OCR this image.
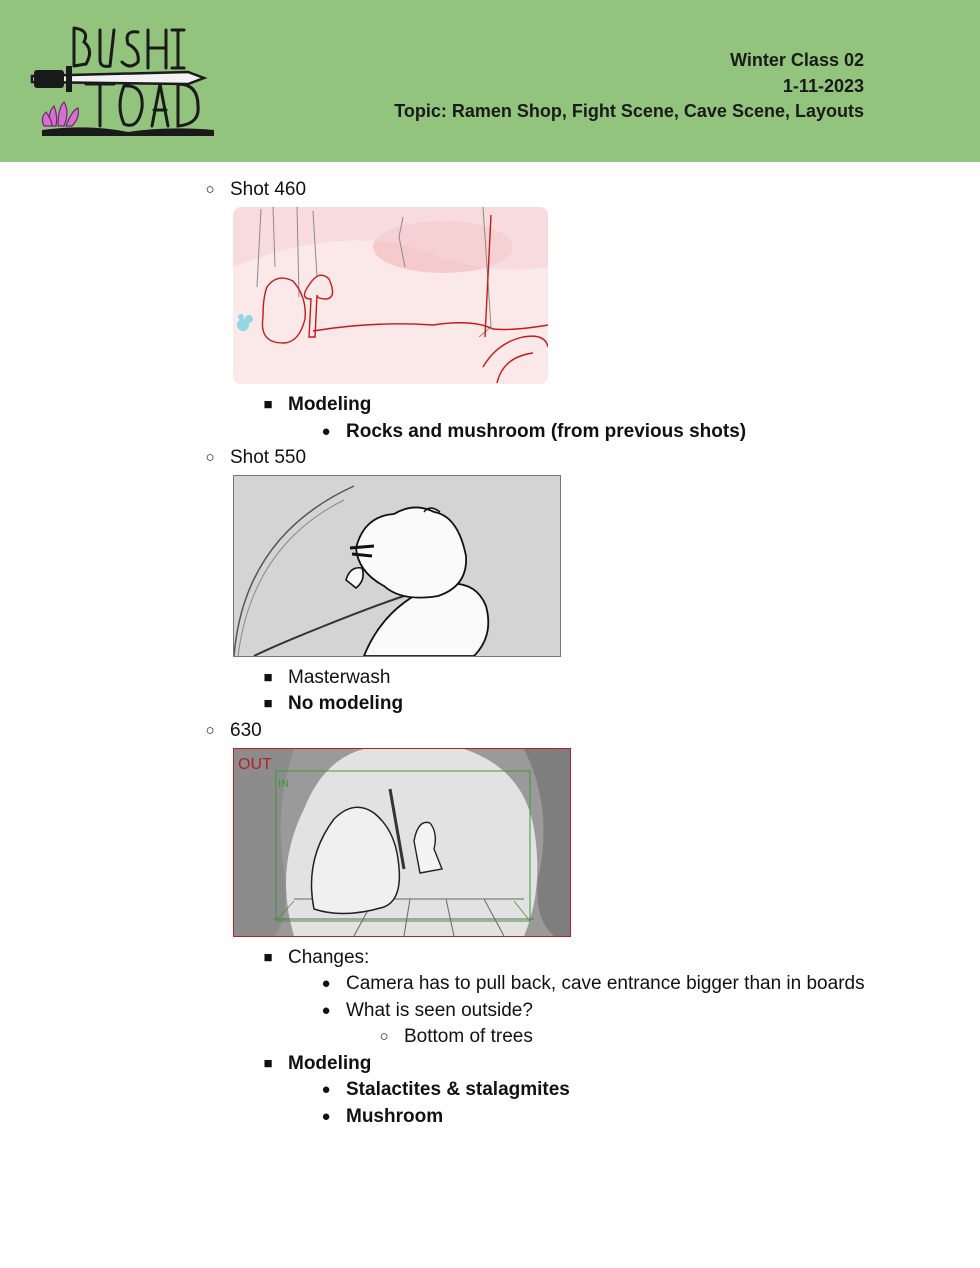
Winter Class 02
1-11-2023
Topic: Ramen Shop, Fight Scene, Cave Scene, Layouts
○ Shot 460
■ Modeling
● Rocks and mushroom (from previous shots)
○ Shot 550
■ Masterwash
■ No modeling
○ 630
OUT
IN
■ Changes:
● Camera has to pull back, cave entrance bigger than in boards
● What is seen outside?
○ Bottom of trees
■ Modeling
● Stalactites & stalagmites
● Mushroom
